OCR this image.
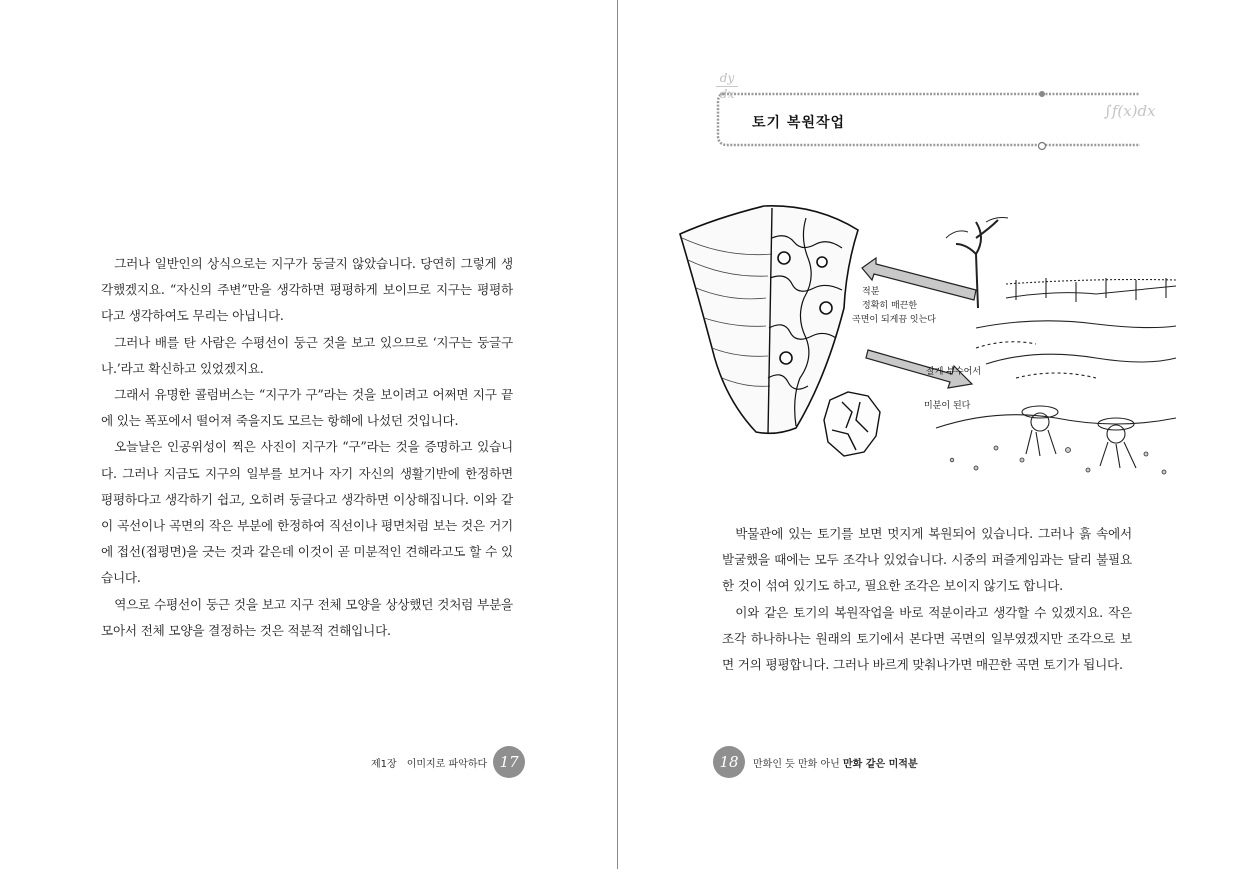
그러나 일반인의 상식으로는 지구가 둥글지 않았습니다. 당연히 그렇게 생각했겠지요. “자신의 주변”만을 생각하면 평평하게 보이므로 지구는 평평하다고 생각하여도 무리는 아닙니다.

그러나 배를 탄 사람은 수평선이 둥근 것을 보고 있으므로 ‘지구는 둥글구나.’라고 확신하고 있었겠지요.

그래서 유명한 콜럼버스는 “지구가 구”라는 것을 보이려고 어쩌면 지구 끝에 있는 폭포에서 떨어져 죽을지도 모르는 항해에 나섰던 것입니다.

오늘날은 인공위성이 찍은 사진이 지구가 “구”라는 것을 증명하고 있습니다. 그러나 지금도 지구의 일부를 보거나 자기 자신의 생활기반에 한정하면 평평하다고 생각하기 쉽고, 오히려 둥글다고 생각하면 이상해집니다. 이와 같이 곡선이나 곡면의 작은 부분에 한정하여 직선이나 평면처럼 보는 것은 거기에 접선(접평면)을 긋는 것과 같은데 이것이 곧 미분적인 견해라고도 할 수 있습니다.

역으로 수평선이 둥근 것을 보고 지구 전체 모양을 상상했던 것처럼 부분을 모아서 전체 모양을 결정하는 것은 적분적 견해입니다.

제1장 이미지로 파악하다 17
dy
dx
토기 복원작업
∫f(x)dx
적분
정확히 매끈한
곡면이 되게끔 잇는다
잘게 부수어서
미분이 된다

박물관에 있는 토기를 보면 멋지게 복원되어 있습니다. 그러나 흙 속에서 발굴했을 때에는 모두 조각나 있었습니다. 시중의 퍼즐게임과는 달리 불필요한 것이 섞여 있기도 하고, 필요한 조각은 보이지 않기도 합니다.

이와 같은 토기의 복원작업을 바로 적분이라고 생각할 수 있겠지요. 작은 조각 하나하나는 원래의 토기에서 본다면 곡면의 일부였겠지만 조각으로 보면 거의 평평합니다. 그러나 바르게 맞춰나가면 매끈한 곡면 토기가 됩니다.

18 만화인 듯 만화 아닌
만화 같은 미적분
